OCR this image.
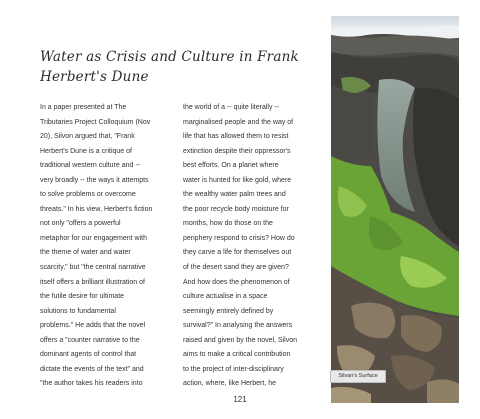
Water as Crisis and Culture in Frank
Herbert's Dune
In a paper presented at The
Tributaries Project Colloquium (Nov
20), Silvon argued that, "Frank
Herbert's Dune is a critique of
traditional western culture and --
very broadly -- the ways it attempts
to solve problems or overcome
threats." In his view, Herbert's fiction
not only "offers a powerful
metaphor for our engagement with
the theme of water and water
scarcity," but "the central narrative
itself offers a brilliant illustration of
the futile desire for ultimate
solutions to fundamental
problems." He adds that the novel
offers a "counter narrative to the
dominant agents of control that
dictate the events of the text" and
"the author takes his readers into
the world of a -- quite literally --
marginalised people and the way of
life that has allowed them to resist
extinction despite their oppressor's
best efforts. On a planet where
water is hunted for like gold, where
the wealthy water palm trees and
the poor recycle body moisture for
months, how do those on the
periphery respond to crisis? How do
they carve a life for themselves out
of the desert sand they are given?
And how does the phenomenon of
culture actualise in a space
seemingly entirely defined by
survival?" In analysing the answers
raised and given by the novel, Silvon
aims to make a critical contribution
to the project of inter-disciplinary
action, where, like Herbert, he
Silvan's Surface
121
